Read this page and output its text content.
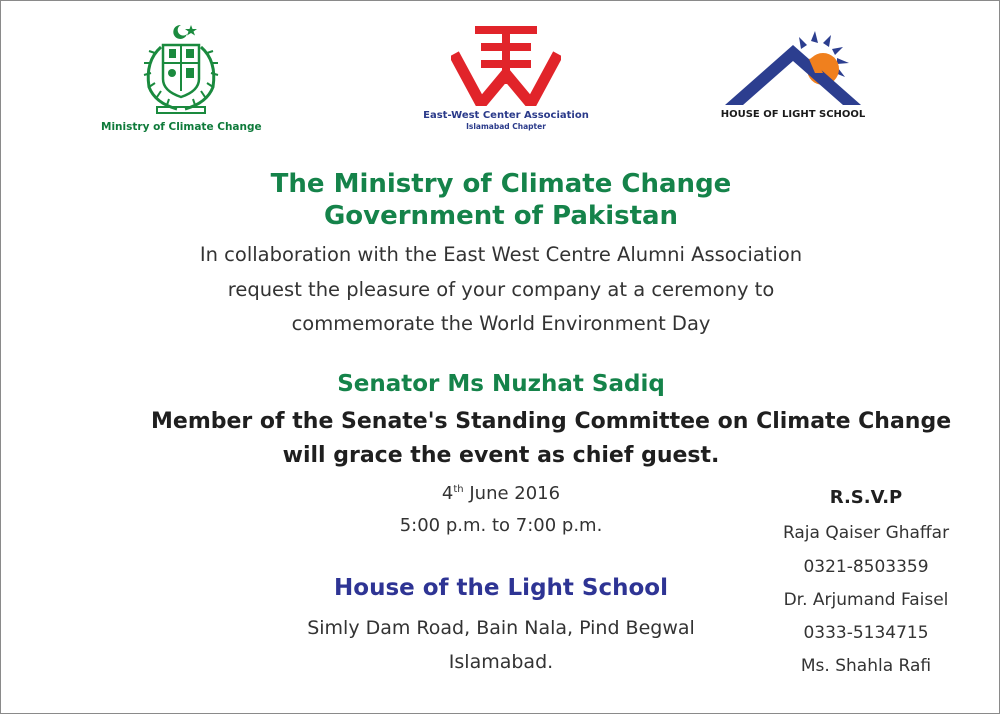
Ministry of Climate Change
East-West Center Association
Islamabad Chapter
HOUSE OF LIGHT SCHOOL
The Ministry of Climate Change
Government of Pakistan
In collaboration with the East West Centre Alumni Association
request the pleasure of your company at a ceremony to
commemorate the World Environment Day
Senator Ms Nuzhat Sadiq
Member of the Senate's Standing Committee on Climate Change
will grace the event as chief guest.
4th June 2016
5:00 p.m. to 7:00 p.m.
House of the Light School
Simly Dam Road, Bain Nala, Pind Begwal
Islamabad.
R.S.V.P
Raja Qaiser Ghaffar
0321-8503359
Dr. Arjumand Faisel
0333-5134715
Ms. Shahla Rafi
